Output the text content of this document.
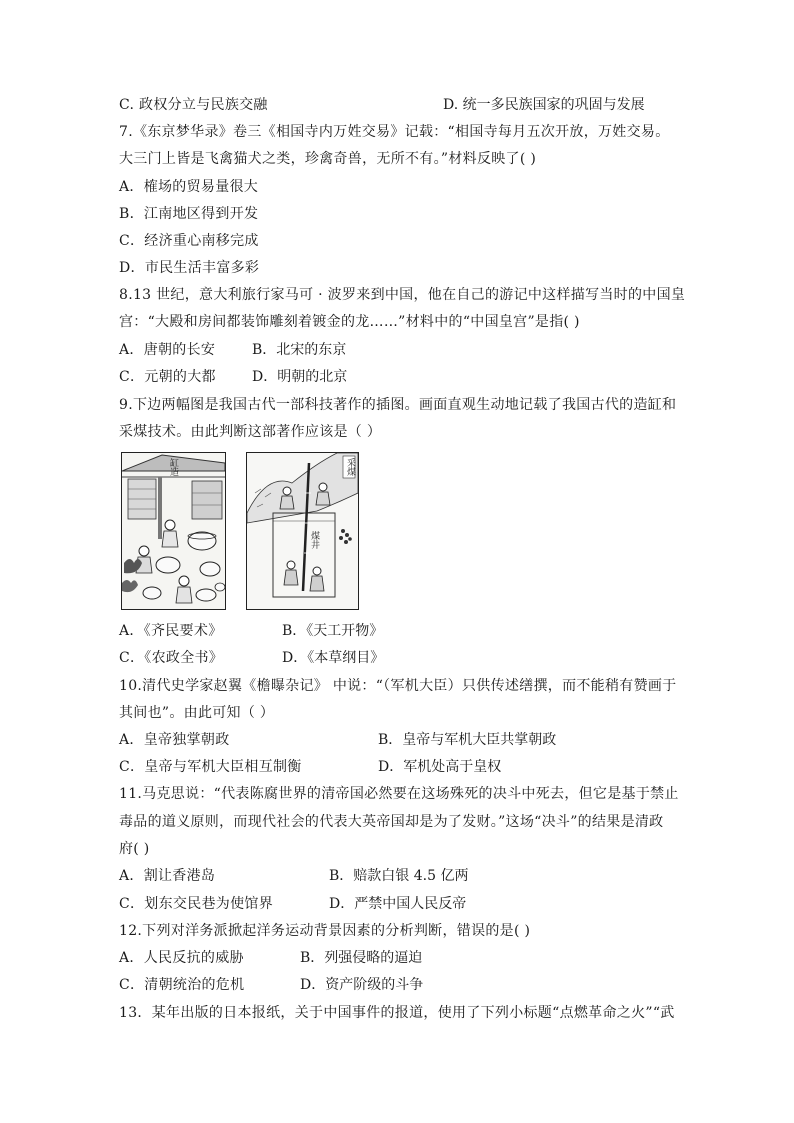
C. 政权分立与民族交融	D. 统一多民族国家的巩固与发展
7.《东京梦华录》卷三《相国寺内万姓交易》记载：“相国寺每月五次开放，万姓交易。
大三门上皆是飞禽猫犬之类，珍禽奇兽，无所不有。”材料反映了( )
A．榷场的贸易量很大
B．江南地区得到开发
C．经济重心南移完成
D．市民生活丰富多彩
8.13 世纪，意大利旅行家马可 · 波罗来到中国，他在自己的游记中这样描写当时的中国皇
宫：“大殿和房间都装饰雕刻着镀金的龙……”材料中的“中国皇宫”是指( )
A．唐朝的长安	B．北宋的东京
C．元朝的大都	D．明朝的北京
9.下边两幅图是我国古代一部科技著作的插图。画面直观生动地记载了我国古代的造缸和
采煤技术。由此判断这部著作应该是（ ）
缸造	采煤
煤井
A．《齐民要术》	B．《天工开物》
C．《农政全书》	D．《本草纲目》
10.清代史学家赵翼《檐曝杂记》 中说：“（军机大臣）只供传述缮撰，而不能稍有赞画于
其间也”。由此可知（ ）
A．皇帝独掌朝政	B．皇帝与军机大臣共掌朝政
C．皇帝与军机大臣相互制衡	D．军机处高于皇权
11.马克思说：“代表陈腐世界的清帝国必然要在这场殊死的决斗中死去，但它是基于禁止
毒品的道义原则，而现代社会的代表大英帝国却是为了发财。”这场“决斗”的结果是清政
府( )
A．割让香港岛	B．赔款白银 4.5 亿两
C．划东交民巷为使馆界	D．严禁中国人民反帝
12.下列对洋务派掀起洋务运动背景因素的分析判断，错误的是( )
A．人民反抗的威胁	B．列强侵略的逼迫
C．清朝统治的危机	D．资产阶级的斗争
13．某年出版的日本报纸，关于中国事件的报道，使用了下列小标题“点燃革命之火”“武
